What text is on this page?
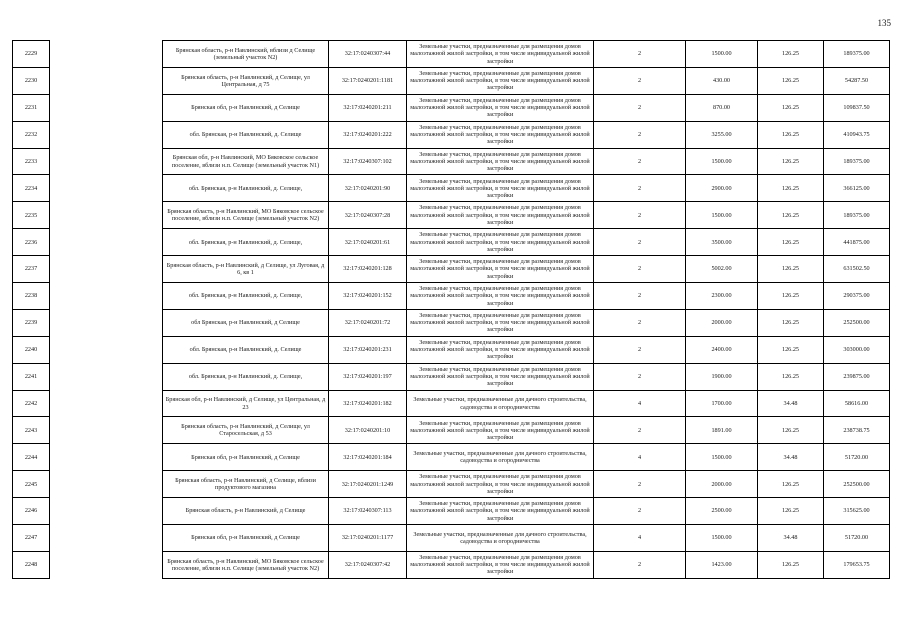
135
2229		Брянская область, р-н Навлинский, вблизи д Селище (земельный участок N2)	32:17:0240307:44	Земельные участки, предназначенные для размещения домов малоэтажной жилой застройки, в том числе индивидуальной жилой застройки	2	1500.00	126.25	189375.00
2230		Брянская область, р-н Навлинский, д Селище, ул Центральная, д 75	32:17:0240201:1181	Земельные участки, предназначенные для размещения домов малоэтажной жилой застройки, в том числе индивидуальной жилой застройки	2	430.00	126.25	54287.50
2231		Брянская обл, р-н Навлинский, д Селище	32:17:0240201:211	Земельные участки, предназначенные для размещения домов малоэтажной жилой застройки, в том числе индивидуальной жилой застройки	2	870.00	126.25	109837.50
2232		обл. Брянская, р-н Навлинский, д. Селище	32:17:0240201:222	Земельные участки, предназначенные для размещения домов малоэтажной жилой застройки, в том числе индивидуальной жилой застройки	2	3255.00	126.25	410943.75
2233		Брянская обл, р-н Навлинский, МО Бяковское сельское поселение, вблизи н.п. Селище (земельный участок N1)	32:17:0240307:102	Земельные участки, предназначенные для размещения домов малоэтажной жилой застройки, в том числе индивидуальной жилой застройки	2	1500.00	126.25	189375.00
2234		обл. Брянская, р-н Навлинский, д. Селище,	32:17:0240201:90	Земельные участки, предназначенные для размещения домов малоэтажной жилой застройки, в том числе индивидуальной жилой застройки	2	2900.00	126.25	366125.00
2235		Брянская область, р-н Навлинский, МО Бяковское сельское поселение, вблизи н.п. Селище (земельный участок N2)	32:17:0240307:28	Земельные участки, предназначенные для размещения домов малоэтажной жилой застройки, в том числе индивидуальной жилой застройки	2	1500.00	126.25	189375.00
2236		обл. Брянская, р-н Навлинский, д. Селище,	32:17:0240201:61	Земельные участки, предназначенные для размещения домов малоэтажной жилой застройки, в том числе индивидуальной жилой застройки	2	3500.00	126.25	441875.00
2237		Брянская область, р-н Навлинский, д Селище, ул Луговая, д 6, кв 1	32:17:0240201:128	Земельные участки, предназначенные для размещения домов малоэтажной жилой застройки, в том числе индивидуальной жилой застройки	2	5002.00	126.25	631502.50
2238		обл. Брянская, р-н Навлинский, д. Селище,	32:17:0240201:152	Земельные участки, предназначенные для размещения домов малоэтажной жилой застройки, в том числе индивидуальной жилой застройки	2	2300.00	126.25	290375.00
2239		обл Брянская, р-н Навлинский, д Селище	32:17:0240201:72	Земельные участки, предназначенные для размещения домов малоэтажной жилой застройки, в том числе индивидуальной жилой застройки	2	2000.00	126.25	252500.00
2240		обл. Брянская, р-н Навлинский, д. Селище	32:17:0240201:231	Земельные участки, предназначенные для размещения домов малоэтажной жилой застройки, в том числе индивидуальной жилой застройки	2	2400.00	126.25	303000.00
2241		обл. Брянская, р-н Навлинский, д. Селище,	32:17:0240201:197	Земельные участки, предназначенные для размещения домов малоэтажной жилой застройки, в том числе индивидуальной жилой застройки	2	1900.00	126.25	239875.00
2242		Брянская обл, р-н Навлинский, д Селище, ул Центральная, д 23	32:17:0240201:182	Земельные участки, предназначенные для дачного строительства, садоводства и огородничества	4	1700.00	34.48	58616.00
2243		Брянская область, р-н Навлинский, д Селище, ул Старосельская, д 53	32:17:0240201:10	Земельные участки, предназначенные для размещения домов малоэтажной жилой застройки, в том числе индивидуальной жилой застройки	2	1891.00	126.25	238738.75
2244		Брянская обл, р-н Навлинский, д Селище	32:17:0240201:184	Земельные участки, предназначенные для дачного строительства, садоводства и огородничества	4	1500.00	34.48	51720.00
2245		Брянская область, р-н Навлинский, д Селище, вблизи продуктового магазина	32:17:0240201:1249	Земельные участки, предназначенные для размещения домов малоэтажной жилой застройки, в том числе индивидуальной жилой застройки	2	2000.00	126.25	252500.00
2246		Брянская область, р-н Навлинский, д Селище	32:17:0240307:113	Земельные участки, предназначенные для размещения домов малоэтажной жилой застройки, в том числе индивидуальной жилой застройки	2	2500.00	126.25	315625.00
2247		Брянская обл, р-н Навлинский, д Селище	32:17:0240201:1177	Земельные участки, предназначенные для дачного строительства, садоводства и огородничества	4	1500.00	34.48	51720.00
2248		Брянская область, р-н Навлинский, МО Бяковское сельское поселение, вблизи н.п. Селище (земельный участок N2)	32:17:0240307:42	Земельные участки, предназначенные для размещения домов малоэтажной жилой застройки, в том числе индивидуальной жилой застройки	2	1423.00	126.25	179653.75
